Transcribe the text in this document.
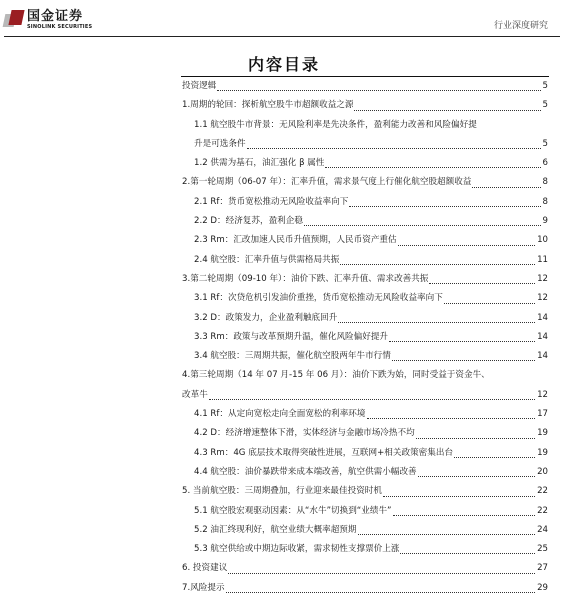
国金证券
SINOLINK SECURITIES	行业深度研究
内容目录
投资逻辑	5
1.周期的轮回：探析航空股牛市超额收益之源	5
1.1 航空股牛市背景：无风险利率是先决条件，盈利能力改善和风险偏好提
升是可选条件	5
1.2 供需为基石，油汇强化 β 属性	6
2.第一轮周期（06-07 年）：汇率升值，需求景气度上行催化航空股超额收益	8
2.1 Rf：货币宽松推动无风险收益率向下	8
2.2 D：经济复苏，盈利企稳	9
2.3 Rm：汇改加速人民币升值预期，人民币资产重估	10
2.4 航空股：汇率升值与供需格局共振	11
3.第二轮周期（09-10 年）：油价下跌、汇率升值、需求改善共振	12
3.1 Rf：次贷危机引发油价重挫，货币宽松推动无风险收益率向下	12
3.2 D：政策发力，企业盈利触底回升	14
3.3 Rm：政策与改革预期升温，催化风险偏好提升	14
3.4 航空股：三周期共振，催化航空股两年牛市行情	14
4.第三轮周期（14 年 07 月-15 年 06 月）：油价下跌为始，同时受益于资金牛、
改革牛	12
4.1 Rf：从定向宽松走向全面宽松的利率环境	17
4.2 D：经济增速整体下滑，实体经济与金融市场冷热不均	19
4.3 Rm：4G 底层技术取得突破性进展，互联网+相关政策密集出台	19
4.4 航空股：油价暴跌带来成本端改善，航空供需小幅改善	20
5. 当前航空股：三周期叠加，行业迎来最佳投资时机	22
5.1 航空股宏观驱动因素：从“水牛”切换到“业绩牛”	22
5.2 油汇终现利好，航空业绩大概率超预期	24
5.3 航空供给或中期边际收紧，需求韧性支撑票价上涨	25
6. 投资建议	27
7.风险提示	29
